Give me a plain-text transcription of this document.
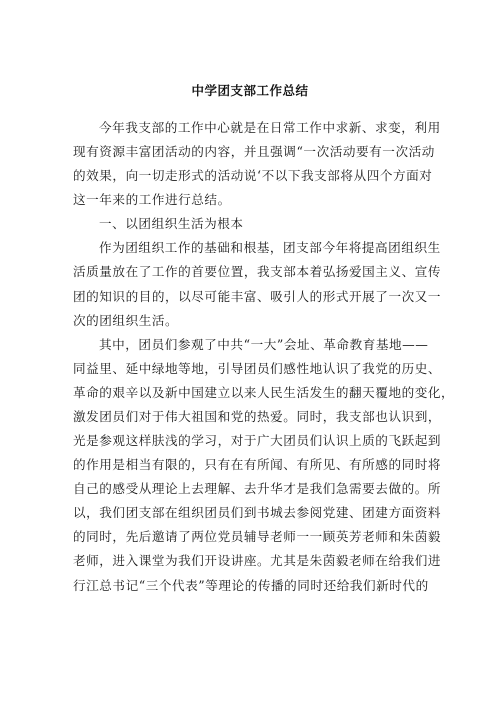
中学团支部工作总结
今年我支部的工作中心就是在日常工作中求新、求变，利用
现有资源丰富团活动的内容，并且强调“一次活动要有一次活动
的效果，向一切走形式的活动说‘不以下我支部将从四个方面对
这一年来的工作进行总结。
一、以团组织生活为根本
作为团组织工作的基础和根基，团支部今年将提高团组织生
活质量放在了工作的首要位置，我支部本着弘扬爱国主义、宣传
团的知识的目的，以尽可能丰富、吸引人的形式开展了一次又一
次的团组织生活。
其中，团员们参观了中共“一大”会址、革命教育基地——
同益里、延中绿地等地，引导团员们感性地认识了我党的历史、
革命的艰辛以及新中国建立以来人民生活发生的翻天覆地的变化，
激发团员们对于伟大祖国和党的热爱。同时，我支部也认识到，
光是参观这样肤浅的学习，对于广大团员们认识上质的飞跃起到
的作用是相当有限的，只有在有所闻、有所见、有所感的同时将
自己的感受从理论上去理解、去升华才是我们急需要去做的。所
以，我们团支部在组织团员们到书城去参阅党建、团建方面资料
的同时，先后邀请了两位党员辅导老师一一顾英芳老师和朱茵毅
老师，进入课堂为我们开设讲座。尤其是朱茵毅老师在给我们进
行江总书记“三个代表”等理论的传播的同时还给我们新时代的
